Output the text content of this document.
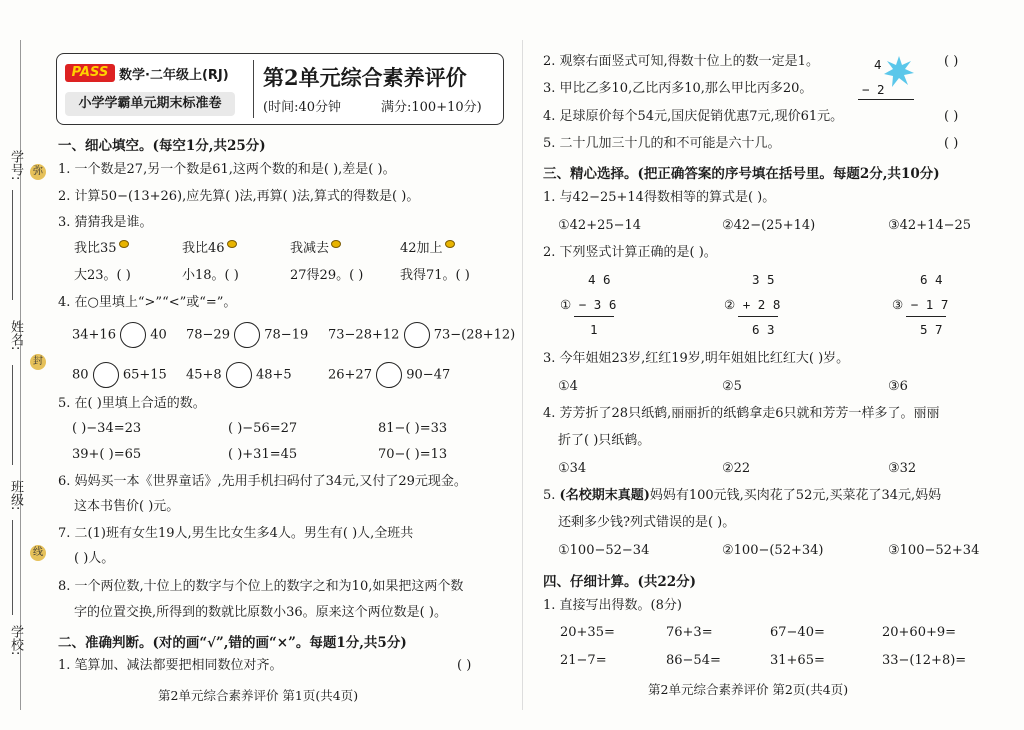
学号:
姓名:
班级:
学校:
弥
封
线
PASS 数学·二年级上(RJ)
小学学霸单元期末标准卷
第2单元综合素养评价
(时间:40分钟	满分:100+10分)
一、细心填空。(每空1分,共25分)
1. 一个数是27,另一个数是61,这两个数的和是( ),差是( )。
2. 计算50−(13+26),应先算( )法,再算( )法,算式的得数是( )。
3. 猜猜我是谁。
我比35
大23。( )
我比46
小18。( )
我减去
27得29。( )
42加上
我得71。( )
4. 在○里填上“>”“<”或“=”。
34+16	40 78−29	78−19 73−28+12	73−(28+12)
80	65+15 45+8	48+5	26+27	90−47
5. 在( )里填上合适的数。
( )−34=23	( )−56=27	81−( )=33
39+( )=65	( )+31=45	70−( )=13
6. 妈妈买一本《世界童话》,先用手机扫码付了34元,又付了29元现金。
这本书售价( )元。
7. 二(1)班有女生19人,男生比女生多4人。男生有( )人,全班共
( )人。
8. 一个两位数,十位上的数字与个位上的数字之和为10,如果把这两个数
字的位置交换,所得到的数就比原数小36。原来这个两位数是( )。
二、准确判断。(对的画“√”,错的画“×”。每题1分,共5分)
1. 笔算加、减法都要把相同数位对齐。	( )
第2单元综合素养评价 第1页(共4页)
2. 观察右面竖式可知,得数十位上的数一定是1。	4
− 2
( )
3. 甲比乙多10,乙比丙多10,那么甲比丙多20。
4. 足球原价每个54元,国庆促销优惠7元,现价61元。	( )
5. 二十几加三十几的和不可能是六十几。	( )
三、精心选择。(把正确答案的序号填在括号里。每题2分,共10分)
1. 与42−25+14得数相等的算式是( )。
①42+25−14	②42−(25+14)	③42+14−25
2. 下列竖式计算正确的是( )。
4 6
① − 3 6
1
3 5
② + 2 8
6 3
6 4
③ − 1 7
5 7
3. 今年姐姐23岁,红红19岁,明年姐姐比红红大( )岁。
①4	②5	③6
4. 芳芳折了28只纸鹤,丽丽折的纸鹤拿走6只就和芳芳一样多了。丽丽
折了( )只纸鹤。
①34	②22	③32
5. (名校期末真题)妈妈有100元钱,买肉花了52元,买菜花了34元,妈妈
还剩多少钱?列式错误的是( )。
①100−52−34	②100−(52+34)	③100−52+34
四、仔细计算。(共22分)
1. 直接写出得数。(8分)
20+35=	76+3=	67−40=	20+60+9=
21−7=	86−54=	31+65=	33−(12+8)=
第2单元综合素养评价 第2页(共4页)
